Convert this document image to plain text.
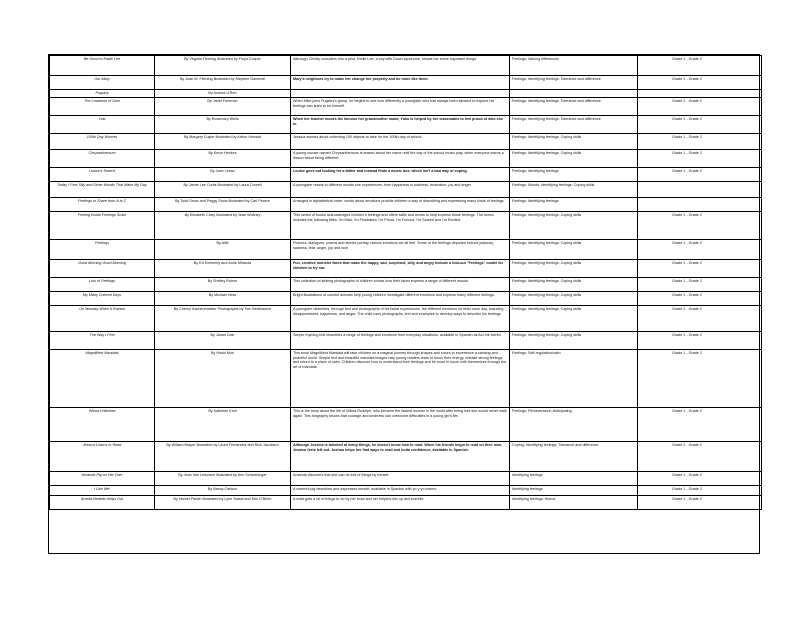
Be Good to Eddie Lee	By Virginia Fleming Illustrated by Floyd Cooper	Although Christy considers him a pest, Eddie Lee, a boy with Down syndrome, shows her some important things.	Feelings; Valuing differences	Grade 1 - Grade 2
Our Mary	By Jean M. Fleming Illustrated by Stephen Gammell	Mary's neighbors try to make her change her property and be more like them.	Feelings; Identifying feelings; Tolerance and difference	Grade 1 - Grade 2
Pugsley	By Andrea U'Ren			
The Lowdown of Sam	By Janet Freeman	When Mike joins Pugsley's group, he begins to see how differently a youngster who has always been allowed to explore his feelings can learn to be himself.	Feelings; Identifying feelings; Tolerance and difference	Grade 1 - Grade 2
Yuki	By Rosemary Wells	When her teacher mocks the kimono her grandmother made, Yoko is helped by her classmates to feel proud of who she is.	Feelings; Identifying feelings; Tolerance and difference	Grade 1 - Grade 2
100th Day Worries	By Margery Cuyler Illustrated by Arthur Howard	Jessica worries about collecting 100 objects to take for the 100th day of school.	Feelings; Identifying feelings; Coping skills	Grade 1 - Grade 2
Chrysanthemum	By Kevin Henkes	A young mouse named Chrysanthemum is teased about her name until the day of the school music play, when everyone learns a lesson about being different.	Feelings; Identifying feelings; Coping skills	Grade 1 - Grade 2
Louise's Search	By Joan Lexau	Louise goes out looking for a father and instead finds a music box, which isn't a bad way of coping.	Feelings; Identifying feelings	Grade 1 - Grade 2
Today I Feel Silly and Other Moods That Make My Day	By Jamie Lee Curtis Illustrated by Laura Cornell	A youngster reacts to different moods she experiences, from happiness to sadness, frustration, joy and anger.	Feelings; Moods; Identifying feelings; Coping skills	
Feelings to Share from A to Z	By Todd Snow and Peggy Snow Illustrated by Carl Pearce	Arranged in alphabetical order, words about emotions provide children a way of describing and expressing many kinds of feelings.	Feelings; Identifying feelings	
Feeling Inside Feelings Scale	By Elizabeth Crary Illustrated by Jean Whitney	This series of books acknowledges children's feelings and offers skills and words to help express those feelings. The series includes the following titles: I'm Mad, I'm Frustrated, I'm Proud, I'm Furious, I'm Scared and I'm Excited.	Feelings; Identifying feelings; Coping skills	Grade 1 - Grade 2
Feelings	By Aliki	Pictures, dialogues, poems and stories portray various emotions we all feel. Some of the feelings depicted include jealousy, sadness, fear, anger, joy and love.	Feelings; Identifying feelings; Coping skills	Grade 1 - Grade 2
Good Morning Good Morning	By Ed Emberley and Anne Miranda	Fun, creative monster faces that make the happy, sad, surprised, silly, and angry include a fold-out "Feelings" model for children to try out.	Feelings; Identifying feelings; Coping skills	Grade 1 - Grade 2
Lots of Feelings	By Shelley Rotner	This collection of striking photographs of children shows how their faces express a range of different moods.	Feelings; Identifying feelings; Coping skills	Grade 1 - Grade 2
My Many Colored Days	By Michael Hess	Bright illustrations of colorful animals help young children investigate different emotions and express many different feelings.	Feelings; Identifying feelings; Coping skills	Grade 1 - Grade 2
On Monday When It Rained	By Cherryl Kachenmeister Photographs by Tom Berthiaume	A youngster describes, through text and photographs of his facial expressions, the different emotions he feels each day, including disappointment, happiness, and anger. The child uses photographs, text and examples to develop ways to describe his feelings.	Feelings; Identifying feelings; Coping skills	Grade 1 - Grade 2
The Way I Feel	By Janan Cain	Simple rhyming text describes a range of feelings and emotions from everyday situations, available in Spanish as Así me siento.	Feelings; Identifying feelings; Coping skills	Grade 1 - Grade 2
Magnifilent Mandala	By Hiroki Mori	This book Magnifilent Mandala will take children on a magical journey through shapes and colors to experience a calming and peaceful world. Simple text and beautiful mandala images help young readers learn to focus their energy, release strong feelings and return to a place of calm. Children discover how to understand their feelings and be more in touch with themselves through the art of mandala.	Feelings; Self-regulation/calm	Grade 1 - Grade 2
Wilma Unlimited	By Kathleen Krull	This is the story about the life of Wilma Rudolph, who became the fastest woman in the world after being told she would never walk again. This biography shows that courage and kindness can overcome difficulties in a young girl's life.	Feelings; Perseverance; Anticipating	Grade 1 - Grade 2
Jessica Learns to Read	By William Brayer Illustrated by Laura Fernandez and Rick Jacobson	Although Jessica is talented at many things, he doesn't know how to read. When his friends begin to read on their own, Jessica feels left out. Joshua helps her find ways to read and build confidence, available in Spanish.	Coping; Identifying feelings; Tolerance and difference	Grade 1 - Grade 2
Amanda Pig on Her Own	By Jean Van Leeuwen Illustrated by Ann Schweninger	Amanda discovers that she can do lots of things by herself.	Identifying feelings	Grade 1 - Grade 2
I Like Me!	By Nancy Carlson	A cheerful pig describes and expresses herself, available in Spanish with yo y yo mismo.	Identifying feelings	Grade 1 - Grade 2
Amelia Bedelia Helps Out	By Harriet Parish Illustrated by Lynn Sweat and Erin O'Brien	A maid gets a lot of things to do by her boss and her helpers mix up and bumble.	Identifying feelings; Humor	Grade 1 - Grade 2
